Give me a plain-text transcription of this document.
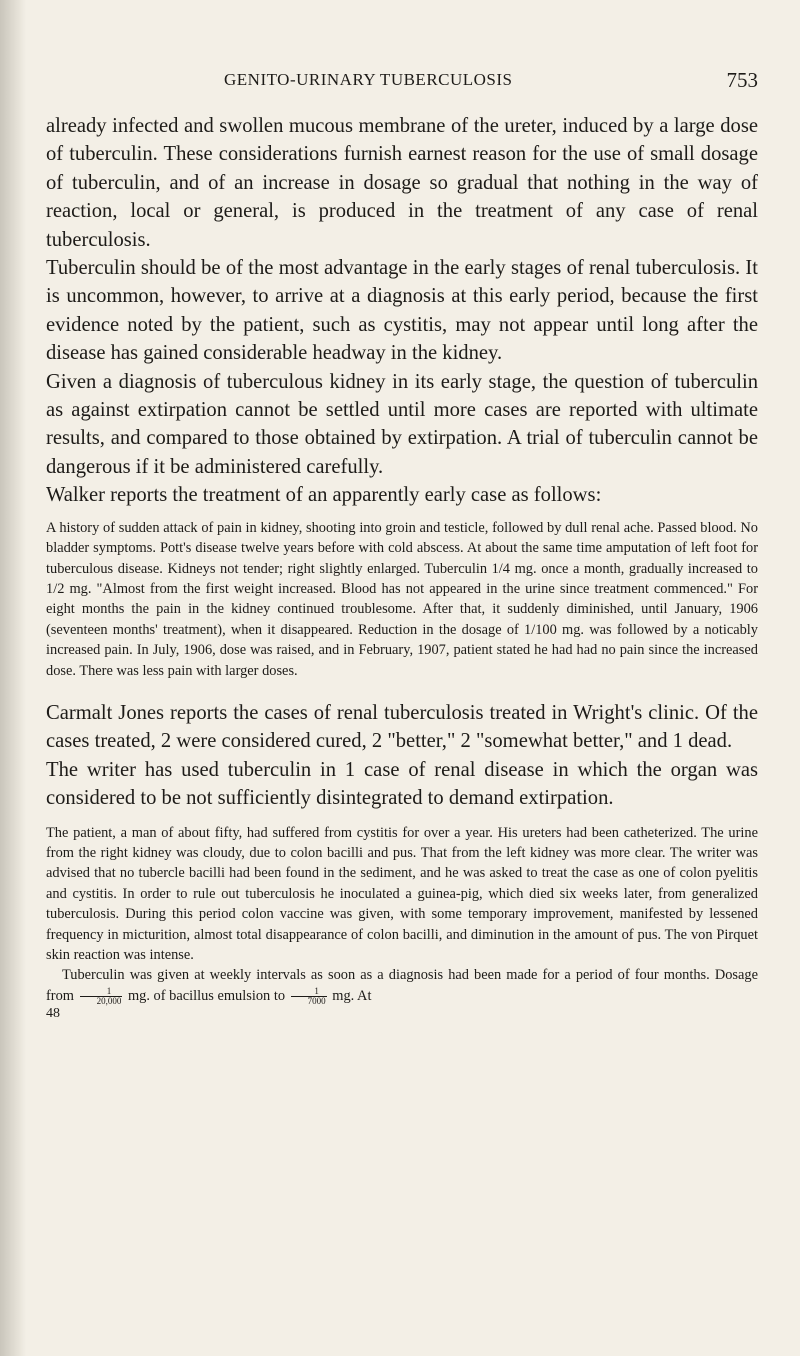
GENITO-URINARY TUBERCULOSIS	753

already infected and swollen mucous membrane of the ureter, induced by a large dose of tuberculin. These considerations furnish earnest reason for the use of small dosage of tuberculin, and of an increase in dosage so gradual that nothing in the way of reaction, local or general, is produced in the treatment of any case of renal tuberculosis.

Tuberculin should be of the most advantage in the early stages of renal tuberculosis. It is uncommon, however, to arrive at a diagnosis at this early period, because the first evidence noted by the patient, such as cystitis, may not appear until long after the disease has gained considerable headway in the kidney.

Given a diagnosis of tuberculous kidney in its early stage, the question of tuberculin as against extirpation cannot be settled until more cases are reported with ultimate results, and compared to those obtained by extirpation. A trial of tuberculin cannot be dangerous if it be administered carefully.

Walker reports the treatment of an apparently early case as follows:

A history of sudden attack of pain in kidney, shooting into groin and testicle, followed by dull renal ache. Passed blood. No bladder symptoms. Pott's disease twelve years before with cold abscess. At about the same time amputation of left foot for tuberculous disease. Kidneys not tender; right slightly enlarged. Tuberculin 1/4 mg. once a month, gradually increased to 1/2 mg. "Almost from the first weight increased. Blood has not appeared in the urine since treatment commenced." For eight months the pain in the kidney continued troublesome. After that, it suddenly diminished, until January, 1906 (seventeen months' treatment), when it disappeared. Reduction in the dosage of 1/100 mg. was followed by a noticably increased pain. In July, 1906, dose was raised, and in February, 1907, patient stated he had had no pain since the increased dose. There was less pain with larger doses.

Carmalt Jones reports the cases of renal tuberculosis treated in Wright's clinic. Of the cases treated, 2 were considered cured, 2 "better," 2 "somewhat better," and 1 dead.

The writer has used tuberculin in 1 case of renal disease in which the organ was considered to be not sufficiently disintegrated to demand extirpation.

The patient, a man of about fifty, had suffered from cystitis for over a year. His ureters had been catheterized. The urine from the right kidney was cloudy, due to colon bacilli and pus. That from the left kidney was more clear. The writer was advised that no tubercle bacilli had been found in the sediment, and he was asked to treat the case as one of colon pyelitis and cystitis. In order to rule out tuberculosis he inoculated a guinea-pig, which died six weeks later, from generalized tuberculosis. During this period colon vaccine was given, with some temporary improvement, manifested by lessened frequency in micturition, almost total disappearance of colon bacilli, and diminution in the amount of pus. The von Pirquet skin reaction was intense.

Tuberculin was given at weekly intervals as soon as a diagnosis had been made for a period of four months. Dosage from $\frac{1}{20,000}$ mg. of bacillus emulsion to $\frac{1}{7000}$ mg. At

48
